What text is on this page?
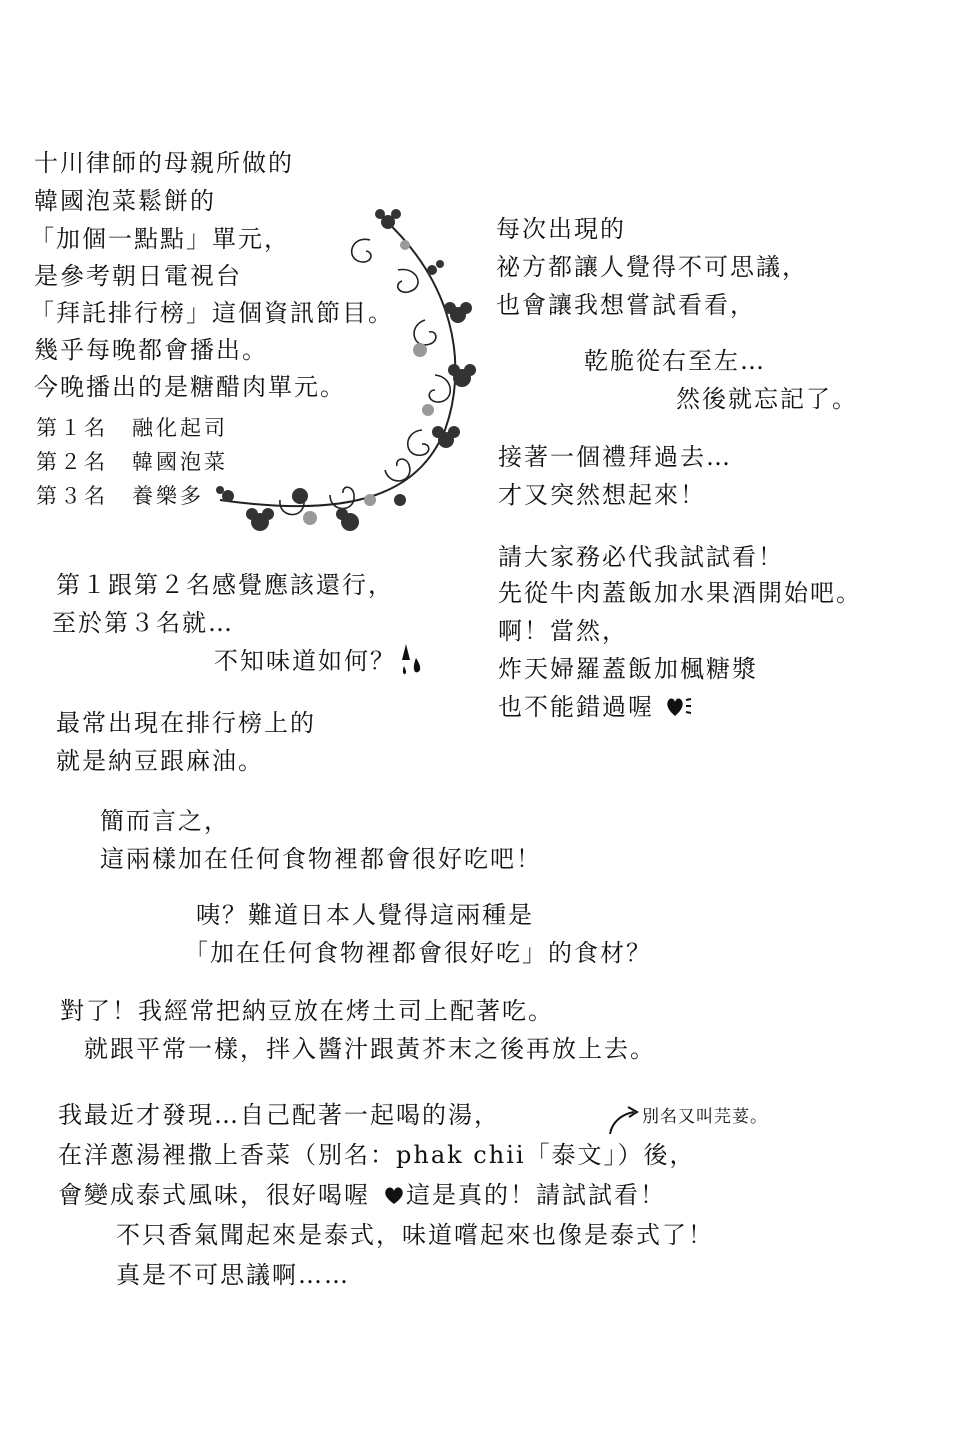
十川律師的母親所做的
韓國泡菜鬆餅的
「加個一點點」單元，
是參考朝日電視台
「拜託排行榜」這個資訊節目。
幾乎每晚都會播出。
今晚播出的是糖醋肉單元。
第１名 融化起司
第２名 韓國泡菜
第３名 養樂多
第１跟第２名感覺應該還行，
至於第３名就…
不知味道如何？
最常出現在排行榜上的
就是納豆跟麻油。
簡而言之，
這兩樣加在任何食物裡都會很好吃吧！
咦？難道日本人覺得這兩種是
「加在任何食物裡都會很好吃」的食材？
對了！我經常把納豆放在烤土司上配著吃。
就跟平常一樣，拌入醬汁跟黃芥末之後再放上去。
我最近才發現…自己配著一起喝的湯，	別名又叫芫荽。
在洋蔥湯裡撒上香菜（別名：phak chii「泰文」）後，
會變成泰式風味，很好喝喔 這是真的！請試試看！
不只香氣聞起來是泰式，味道嚐起來也像是泰式了！
真是不可思議啊……
每次出現的
祕方都讓人覺得不可思議，
也會讓我想嘗試看看，
乾脆從右至左…
然後就忘記了。
接著一個禮拜過去…
才又突然想起來！
請大家務必代我試試看！
先從牛肉蓋飯加水果酒開始吧。
啊！當然，
炸天婦羅蓋飯加楓糖漿
也不能錯過喔
